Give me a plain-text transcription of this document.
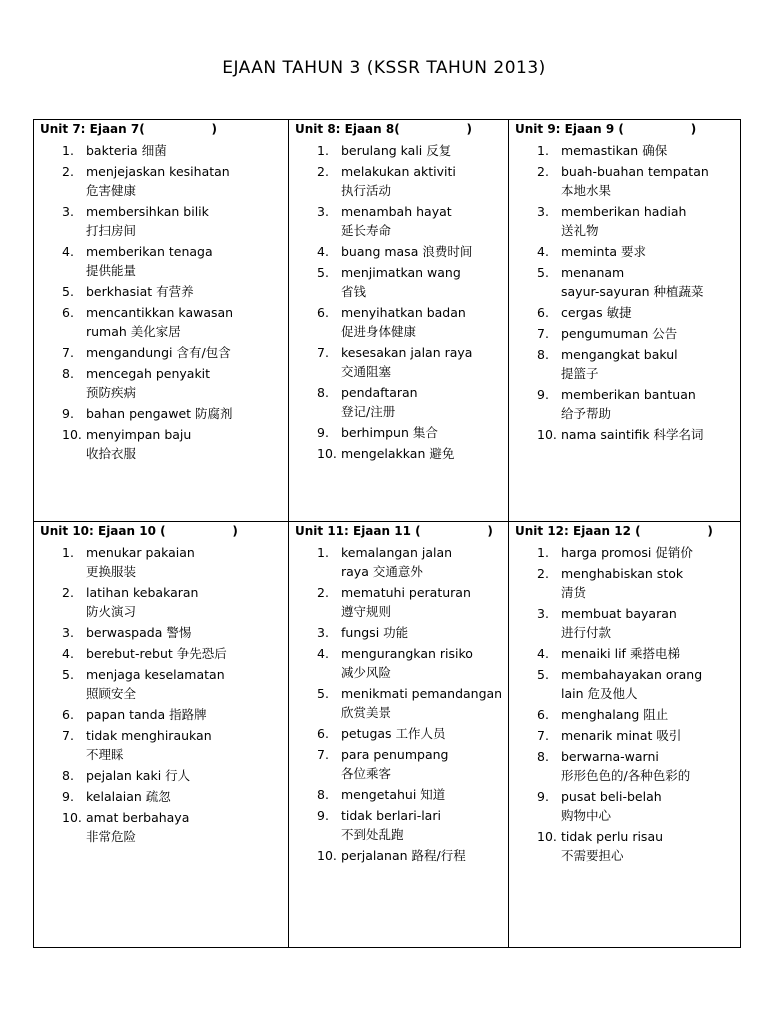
EJAAN TAHUN 3 (KSSR TAHUN 2013)
Unit 7: Ejaan 7(                )
1. bakteria 细菌
2. menjejaskan kesihatan
危害健康
3. membersihkan bilik
打扫房间
4. memberikan tenaga
提供能量
5. berkhasiat 有营养
6. mencantikkan kawasan
rumah 美化家居
7. mengandungi 含有/包含
8. mencegah penyakit
预防疾病
9. bahan pengawet 防腐剂
10. menyimpan baju
收拾衣服
Unit 8: Ejaan 8(                )
1. berulang kali 反复
2. melakukan aktiviti
执行活动
3. menambah hayat
延长寿命
4. buang masa 浪费时间
5. menjimatkan wang
省钱
6. menyihatkan badan
促进身体健康
7. kesesakan jalan raya
交通阻塞
8. pendaftaran
登记/注册
9. berhimpun 集合
10. mengelakkan 避免
Unit 9: Ejaan 9 (                )
1. memastikan 确保
2. buah-buahan tempatan
本地水果
3. memberikan hadiah
送礼物
4. meminta 要求
5. menanam
sayur-sayuran 种植蔬菜
6. cergas 敏捷
7. pengumuman 公告
8. mengangkat bakul
提篮子
9. memberikan bantuan
给予帮助
10. nama saintifik 科学名词
Unit 10: Ejaan 10 (                )
1. menukar pakaian
更换服装
2. latihan kebakaran
防火演习
3. berwaspada 警惕
4. berebut-rebut 争先恐后
5. menjaga keselamatan
照顾安全
6. papan tanda 指路牌
7. tidak menghiraukan
不理睬
8. pejalan kaki 行人
9. kelalaian 疏忽
10. amat berbahaya
非常危险
Unit 11: Ejaan 11 (                )
1. kemalangan jalan
raya 交通意外
2. mematuhi peraturan
遵守规则
3. fungsi 功能
4. mengurangkan risiko
减少风险
5. menikmati pemandangan
欣赏美景
6. petugas 工作人员
7. para penumpang
各位乘客
8. mengetahui 知道
9. tidak berlari-lari
不到处乱跑
10. perjalanan 路程/行程
Unit 12: Ejaan 12 (                )
1. harga promosi 促销价
2. menghabiskan stok
清货
3. membuat bayaran
进行付款
4. menaiki lif 乘搭电梯
5. membahayakan orang
lain 危及他人
6. menghalang 阻止
7. menarik minat 吸引
8. berwarna-warni
形形色色的/各种色彩的
9. pusat beli-belah
购物中心
10. tidak perlu risau
不需要担心
